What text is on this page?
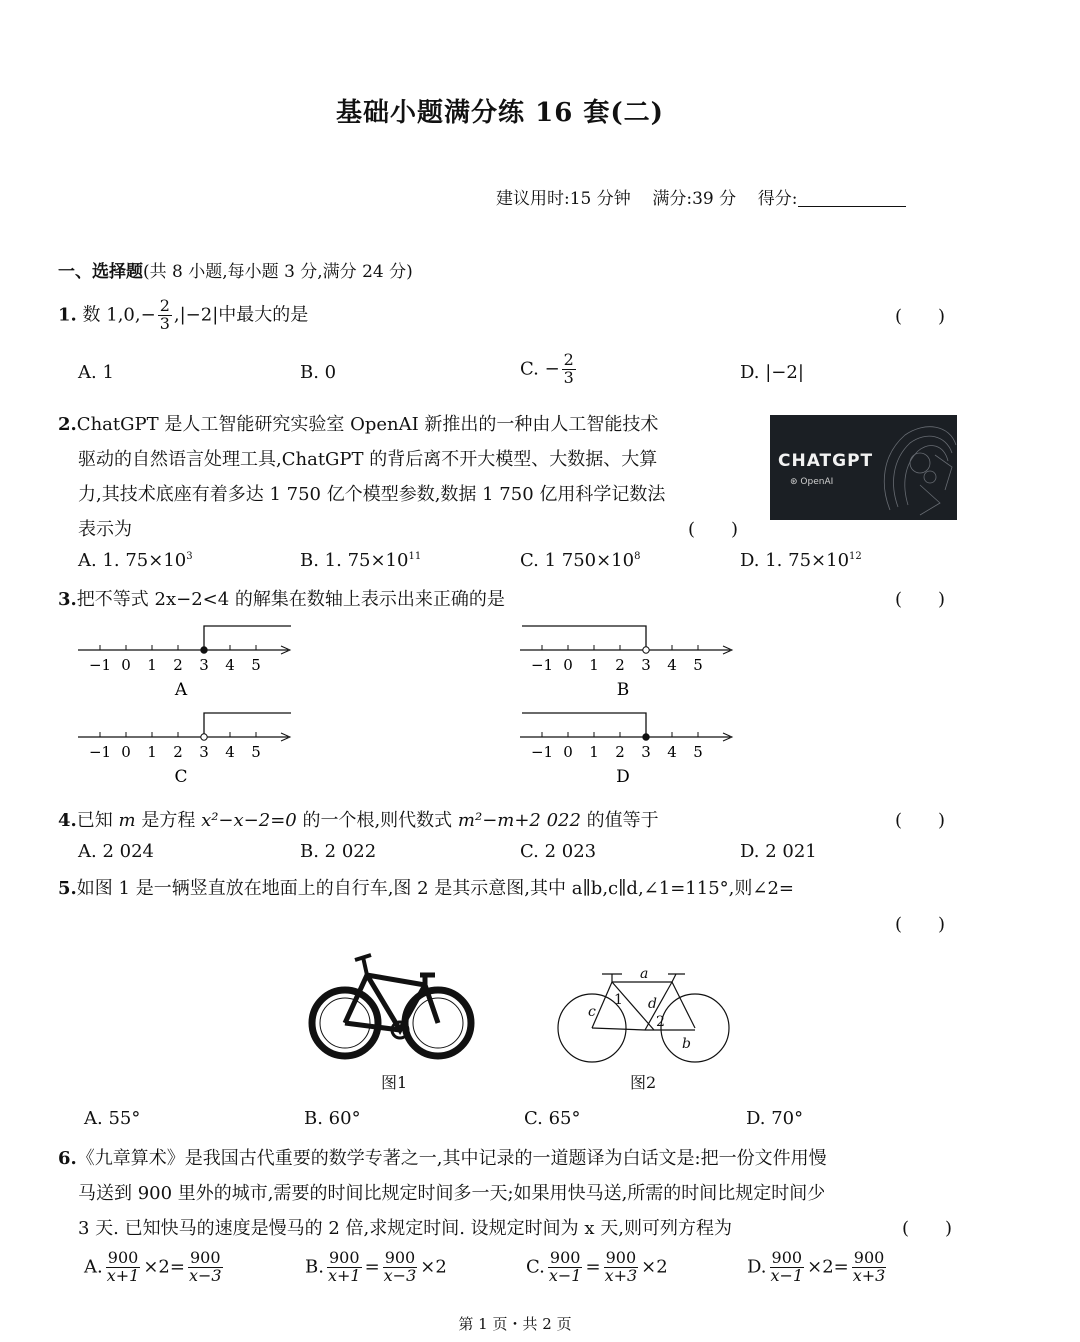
基础小题满分练 16 套(二)
建议用时:15 分钟 满分:39 分 得分:
一、选择题(共 8 小题,每小题 3 分,满分 24 分)
1. 数 $1,0,- \frac{2}{3} ,|-2|$中最大的是	(　　)
A. 1	B. 0	C. − $\frac{2}{3}$	D. |−2|
2.ChatGPT 是人工智能研究实验室 OpenAI 新推出的一种由人工智能技术
驱动的自然语言处理工具,ChatGPT 的背后离不开大模型、大数据、大算
力,其技术底座有着多达 1 750 亿个模型参数,数据 1 750 亿用科学记数法
表示为	(　　)
CHATGPT
⊛ OpenAI
A. 1. $75\times 10^3$	B. 1. $75\times 10^{11}$	C. 1 $750\times 10^8$	D. 1. $75\times 10^{12}$
3.把不等式 2x−2<4 的解集在数轴上表示出来正确的是	(　　)
−1 0 1 2 3 4 5
A
−1 0 1 2 3 4 5
B
−1 0 1 2 3 4 5
C
−1 0 1 2 3 4 5
D
4.已知 m 是方程 x²−x−2=0 的一个根,则代数式 m²−m+2 022 的值等于	(　　)
A. 2 024	B. 2 022	C. 2 023	D. 2 021
5.如图 1 是一辆竖直放在地面上的自行车,图 2 是其示意图,其中 a∥b,c∥d,∠1=115°,则∠2=
(　　)
图1
a
b
c	d
1
2
图2
A. 55°	B. 60°	C. 65°	D. 70°
6.《九章算术》是我国古代重要的数学专著之一,其中记录的一道题译为白话文是:把一份文件用慢
马送到 900 里外的城市,需要的时间比规定时间多一天;如果用快马送,所需的时间比规定时间少
3 天. 已知快马的速度是慢马的 2 倍,求规定时间. 设规定时间为 x 天,则可列方程为	(　　)
A. $\frac{900}{x+1} \times 2= \frac{900}{x-3}$	B. $\frac{900}{x+1} = \frac{900}{x-3} \times 2$	C. $\frac{900}{x-1} = \frac{900}{x+3} \times 2$	D. $\frac{900}{x-1} \times 2= \frac{900}{x+3}$
第 1 页・共 2 页
